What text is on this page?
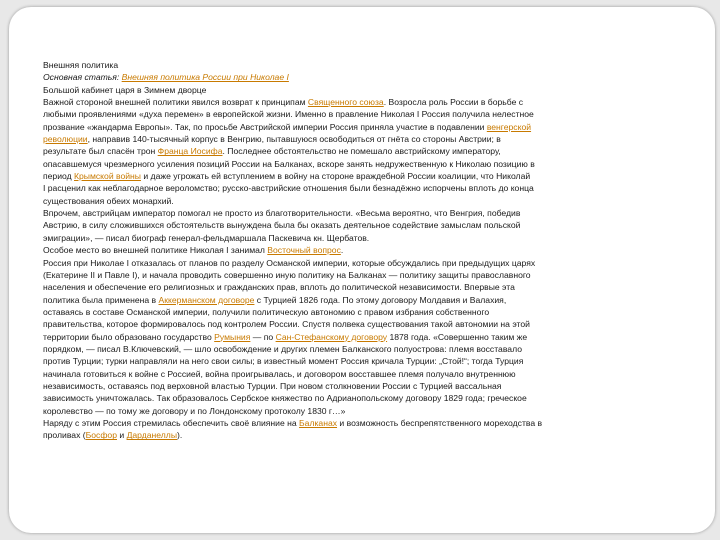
Внешняя политика
Основная статья: Внешняя политика России при Николае I
Большой кабинет царя в Зимнем дворце
Важной стороной внешней политики явился возврат к принципам Священного союза. Возросла роль России в борьбе с
любыми проявлениями «духа перемен» в европейской жизни. Именно в правление Николая I Россия получила нелестное
прозвание «жандарма Европы». Так, по просьбе Австрийской империи Россия приняла участие в подавлении венгерской
революции, направив 140-тысячный корпус в Венгрию, пытавшуюся освободиться от гнёта со стороны Австрии; в
результате был спасён трон Франца Иосифа. Последнее обстоятельство не помешало австрийскому императору,
опасавшемуся чрезмерного усиления позиций России на Балканах, вскоре занять недружественную к Николаю позицию в
период Крымской войны и даже угрожать ей вступлением в войну на стороне враждебной России коалиции, что Николай
I расценил как неблагодарное вероломство; русско-австрийские отношения были безнадёжно испорчены вплоть до конца
существования обеих монархий.
Впрочем, австрийцам император помогал не просто из благотворительности. «Весьма вероятно, что Венгрия, победив
Австрию, в силу сложившихся обстоятельств вынуждена была бы оказать деятельное содействие замыслам польской
эмиграции», — писал биограф генерал-фельдмаршала Паскевича кн. Щербатов.
Особое место во внешней политике Николая I занимал Восточный вопрос.
Россия при Николае I отказалась от планов по разделу Османской империи, которые обсуждались при предыдущих царях
(Екатерине II и Павле I), и начала проводить совершенно иную политику на Балканах — политику защиты православного
населения и обеспечение его религиозных и гражданских прав, вплоть до политической независимости. Впервые эта
политика была применена в Аккерманском договоре с Турцией 1826 года. По этому договору Молдавия и Валахия,
оставаясь в составе Османской империи, получили политическую автономию с правом избрания собственного
правительства, которое формировалось под контролем России. Спустя полвека существования такой автономии на этой
территории было образовано государство Румыния — по Сан-Стефанскому договору 1878 года. «Совершенно таким же
порядком, — писал В.Ключевский, — шло освобождение и других племен Балканского полуострова: племя восставало
против Турции; турки направляли на него свои силы; в известный момент Россия кричала Турции: „Стой!“; тогда Турция
начинала готовиться к войне с Россией, война проигрывалась, и договором восставшее племя получало внутреннюю
независимость, оставаясь под верховной властью Турции. При новом столкновении России с Турцией вассальная
зависимость уничтожалась. Так образовалось Сербское княжество по Адрианопольскому договору 1829 года; греческое
королевство — по тому же договору и по Лондонскому протоколу 1830 г…»
Наряду с этим Россия стремилась обеспечить своё влияние на Балканах и возможность беспрепятственного мореходства в
проливах (Босфор и Дарданеллы).
